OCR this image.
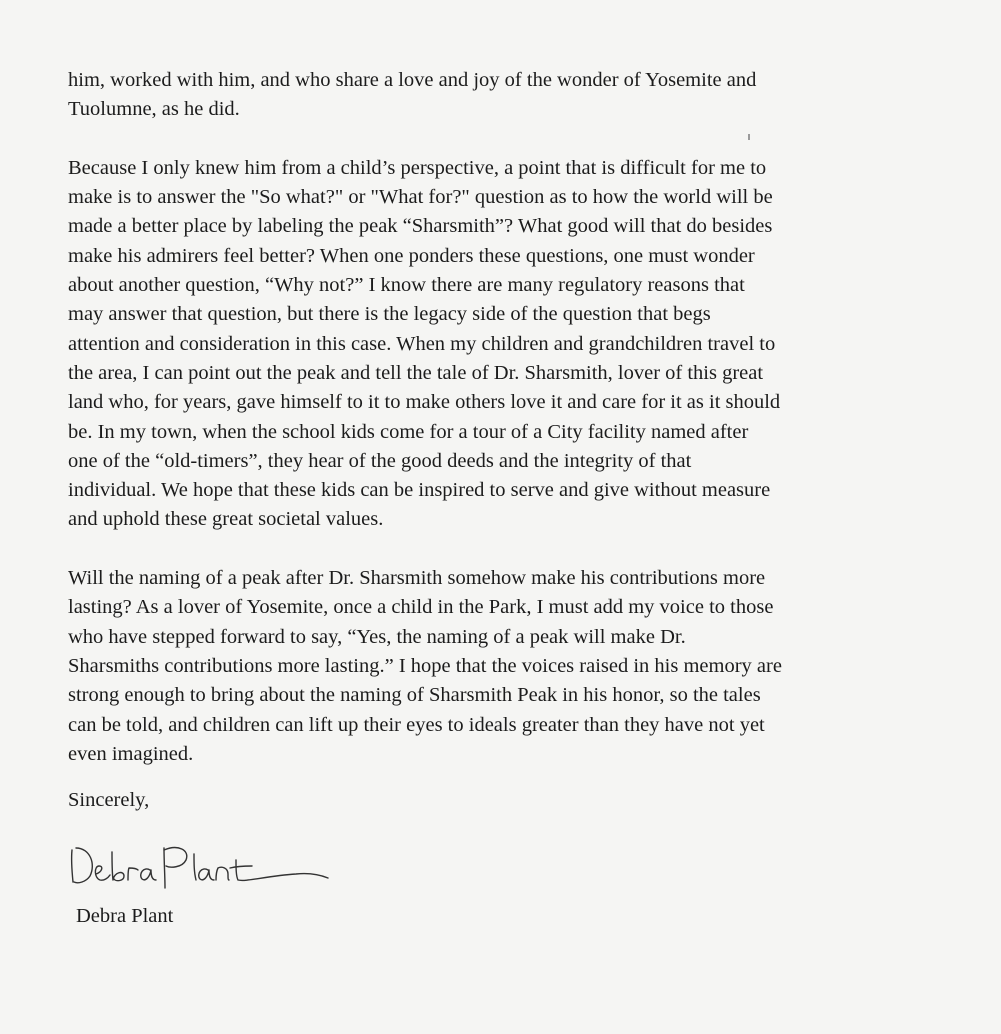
him, worked with him, and who share a love and joy of the wonder of Yosemite and
Tuolumne, as he did.

Because I only knew him from a child’s perspective, a point that is difficult for me to
make is to answer the "So what?" or "What for?" question as to how the world will be
made a better place by labeling the peak “Sharsmith”? What good will that do besides
make his admirers feel better? When one ponders these questions, one must wonder
about another question, “Why not?” I know there are many regulatory reasons that
may answer that question, but there is the legacy side of the question that begs
attention and consideration in this case. When my children and grandchildren travel to
the area, I can point out the peak and tell the tale of Dr. Sharsmith, lover of this great
land who, for years, gave himself to it to make others love it and care for it as it should
be. In my town, when the school kids come for a tour of a City facility named after
one of the “old-timers”, they hear of the good deeds and the integrity of that
individual. We hope that these kids can be inspired to serve and give without measure
and uphold these great societal values.

Will the naming of a peak after Dr. Sharsmith somehow make his contributions more
lasting? As a lover of Yosemite, once a child in the Park, I must add my voice to those
who have stepped forward to say, “Yes, the naming of a peak will make Dr.
Sharsmiths contributions more lasting.” I hope that the voices raised in his memory are
strong enough to bring about the naming of Sharsmith Peak in his honor, so the tales
can be told, and children can lift up their eyes to ideals greater than they have not yet
even imagined.

Sincerely,
Debra Plant
